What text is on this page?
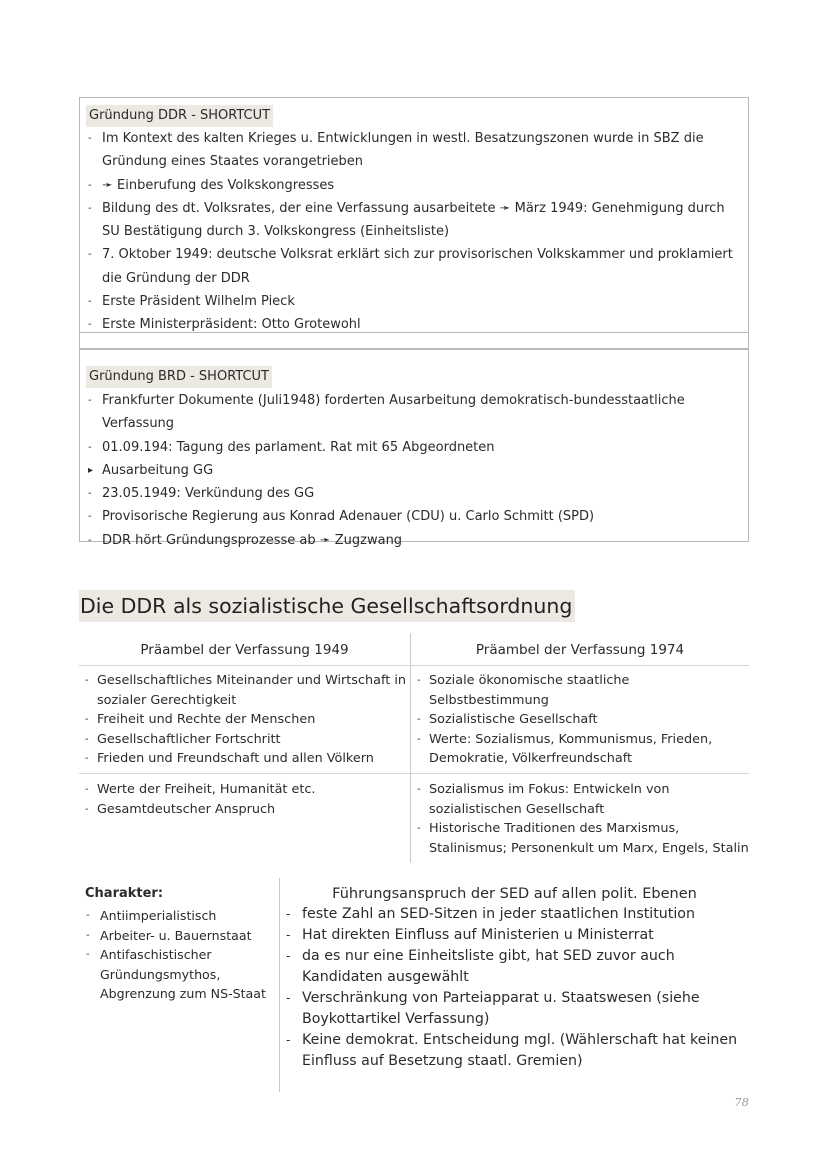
Gründung DDR - SHORTCUT
- Im Kontext des kalten Krieges u. Entwicklungen in westl. Besatzungszonen wurde in SBZ die Gründung eines Staates vorangetrieben
- ➛ Einberufung des Volkskongresses
- Bildung des dt. Volksrates, der eine Verfassung ausarbeitete ➛ März 1949: Genehmigung durch SU Bestätigung durch 3. Volkskongress (Einheitsliste)
- 7. Oktober 1949: deutsche Volksrat erklärt sich zur provisorischen Volkskammer und proklamiert die Gründung der DDR
- Erste Präsident Wilhelm Pieck
- Erste Ministerpräsident: Otto Grotewohl
Gründung BRD - SHORTCUT
- Frankfurter Dokumente (Juli1948) forderten Ausarbeitung demokratisch-bundesstaatliche Verfassung
- 01.09.194: Tagung des parlament. Rat mit 65 Abgeordneten
▸ Ausarbeitung GG
- 23.05.1949: Verkündung des GG
- Provisorische Regierung aus Konrad Adenauer (CDU) u. Carlo Schmitt (SPD)
- DDR hört Gründungsprozesse ab ➛ Zugzwang
Die DDR als sozialistische Gesellschaftsordnung
Präambel der Verfassung 1949	Präambel der Verfassung 1974
- Gesellschaftliches Miteinander und Wirtschaft in sozialer Gerechtigkeit
- Freiheit und Rechte der Menschen
- Gesellschaftlicher Fortschritt
- Frieden und Freundschaft und allen Völkern
- Soziale ökonomische staatliche Selbstbestimmung
- Sozialistische Gesellschaft
- Werte: Sozialismus, Kommunismus, Frieden, Demokratie, Völkerfreundschaft
- Werte der Freiheit, Humanität etc.
- Gesamtdeutscher Anspruch
- Sozialismus im Fokus: Entwickeln von sozialistischen Gesellschaft
- Historische Traditionen des Marxismus, Stalinismus; Personenkult um Marx, Engels, Stalin
Charakter:
- Antiimperialistisch
- Arbeiter- u. Bauernstaat
- Antifaschistischer Gründungsmythos, Abgrenzung zum NS-Staat
Führungsanspruch der SED auf allen polit. Ebenen
- feste Zahl an SED-Sitzen in jeder staatlichen Institution
- Hat direkten Einfluss auf Ministerien u Ministerrat
- da es nur eine Einheitsliste gibt, hat SED zuvor auch Kandidaten ausgewählt
- Verschränkung von Parteiapparat u. Staatswesen (siehe Boykottartikel Verfassung)
- Keine demokrat. Entscheidung mgl. (Wählerschaft hat keinen Einfluss auf Besetzung staatl. Gremien)
78
